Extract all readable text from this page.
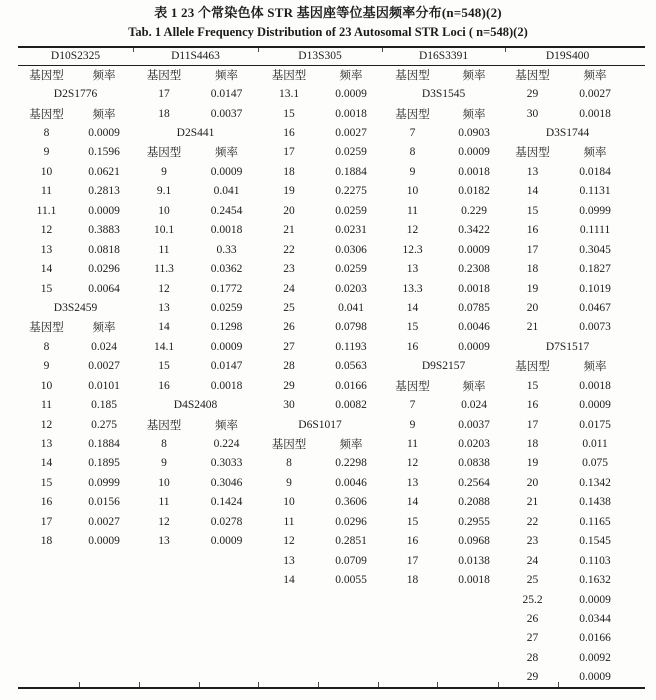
表 1 23 个常染色体 STR 基因座等位基因频率分布(n=548)(2)
Tab. 1 Allele Frequency Distribution of 23 Autosomal STR Loci ( n=548)(2)
D10S2325		D11S4463		D13S305		D16S3391		D19S400	
基因型	频率	基因型	频率	基因型	频率	基因型	频率	基因型	频率
D2S1776		17	0.0147	13.1	0.0009	D3S1545		29	0.0027
基因型	频率	18	0.0037	15	0.0018	基因型	频率	30	0.0018
8	0.0009	D2S441		16	0.0027	7	0.0903	D3S1744	
9	0.1596	基因型	频率	17	0.0259	8	0.0009	基因型	频率
10	0.0621	9	0.0009	18	0.1884	9	0.0018	13	0.0184
11	0.2813	9.1	0.041	19	0.2275	10	0.0182	14	0.1131
11.1	0.0009	10	0.2454	20	0.0259	11	0.229	15	0.0999
12	0.3883	10.1	0.0018	21	0.0231	12	0.3422	16	0.1111
13	0.0818	11	0.33	22	0.0306	12.3	0.0009	17	0.3045
14	0.0296	11.3	0.0362	23	0.0259	13	0.2308	18	0.1827
15	0.0064	12	0.1772	24	0.0203	13.3	0.0018	19	0.1019
D3S2459		13	0.0259	25	0.041	14	0.0785	20	0.0467
基因型	频率	14	0.1298	26	0.0798	15	0.0046	21	0.0073
8	0.024	14.1	0.0009	27	0.1193	16	0.0009	D7S1517	
9	0.0027	15	0.0147	28	0.0563	D9S2157		基因型	频率
10	0.0101	16	0.0018	29	0.0166	基因型	频率	15	0.0018
11	0.185	D4S2408		30	0.0082	7	0.024	16	0.0009
12	0.275	基因型	频率	D6S1017		9	0.0037	17	0.0175
13	0.1884	8	0.224	基因型	频率	11	0.0203	18	0.011
14	0.1895	9	0.3033	8	0.2298	12	0.0838	19	0.075
15	0.0999	10	0.3046	9	0.0046	13	0.2564	20	0.1342
16	0.0156	11	0.1424	10	0.3606	14	0.2088	21	0.1438
17	0.0027	12	0.0278	11	0.0296	15	0.2955	22	0.1165
18	0.0009	13	0.0009	12	0.2851	16	0.0968	23	0.1545
				13	0.0709	17	0.0138	24	0.1103
				14	0.0055	18	0.0018	25	0.1632
								25.2	0.0009
								26	0.0344
								27	0.0166
								28	0.0092
								29	0.0009
